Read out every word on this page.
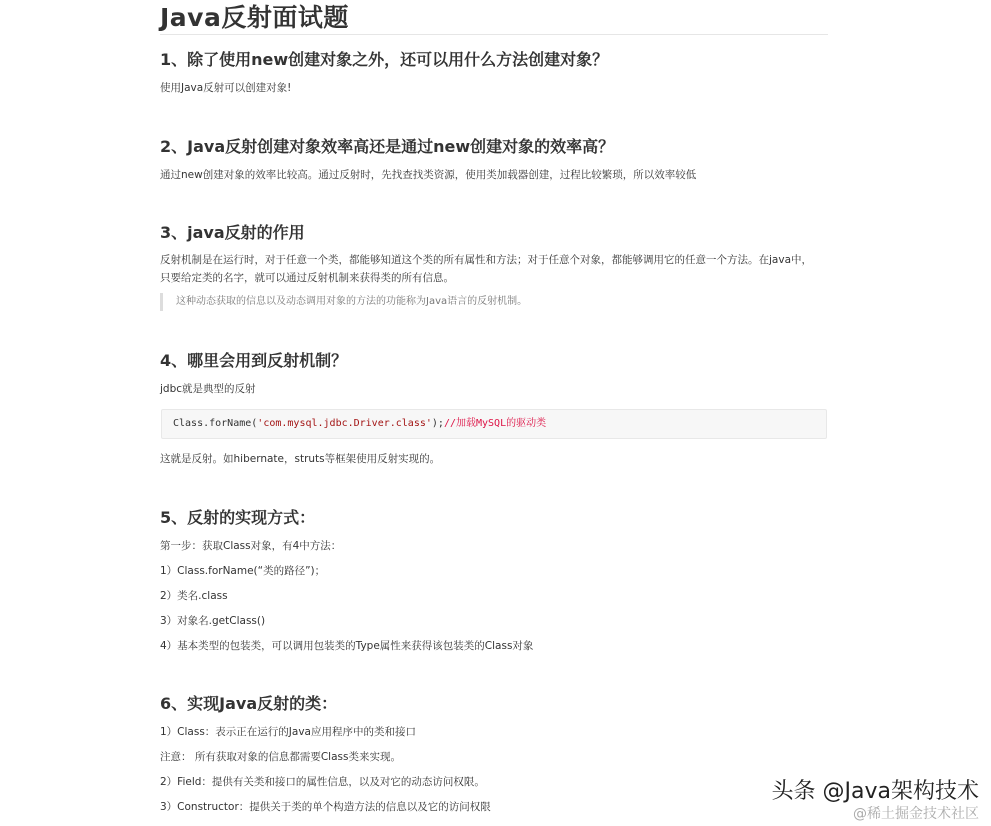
Java反射面试题
1、除了使用new创建对象之外，还可以用什么方法创建对象？
使用Java反射可以创建对象!
2、Java反射创建对象效率高还是通过new创建对象的效率高？
通过new创建对象的效率比较高。通过反射时，先找查找类资源，使用类加载器创建，过程比较繁琐，所以效率较低
3、java反射的作用
反射机制是在运行时，对于任意一个类，都能够知道这个类的所有属性和方法；对于任意个对象，都能够调用它的任意一个方法。在java中，只要给定类的名字，就可以通过反射机制来获得类的所有信息。
这种动态获取的信息以及动态调用对象的方法的功能称为Java语言的反射机制。
4、哪里会用到反射机制？
jdbc就是典型的反射
Class.forName('com.mysql.jdbc.Driver.class');//加载MySQL的驱动类
这就是反射。如hibernate，struts等框架使用反射实现的。
5、反射的实现方式：
第一步：获取Class对象，有4中方法：
1）Class.forName(“类的路径”)；
2）类名.class
3）对象名.getClass()
4）基本类型的包装类，可以调用包装类的Type属性来获得该包装类的Class对象
6、实现Java反射的类：
1）Class：表示正在运行的Java应用程序中的类和接口
注意： 所有获取对象的信息都需要Class类来实现。
2）Field：提供有关类和接口的属性信息，以及对它的动态访问权限。
3）Constructor：提供关于类的单个构造方法的信息以及它的访问权限
头条 @Java架构技术
@稀土掘金技术社区
